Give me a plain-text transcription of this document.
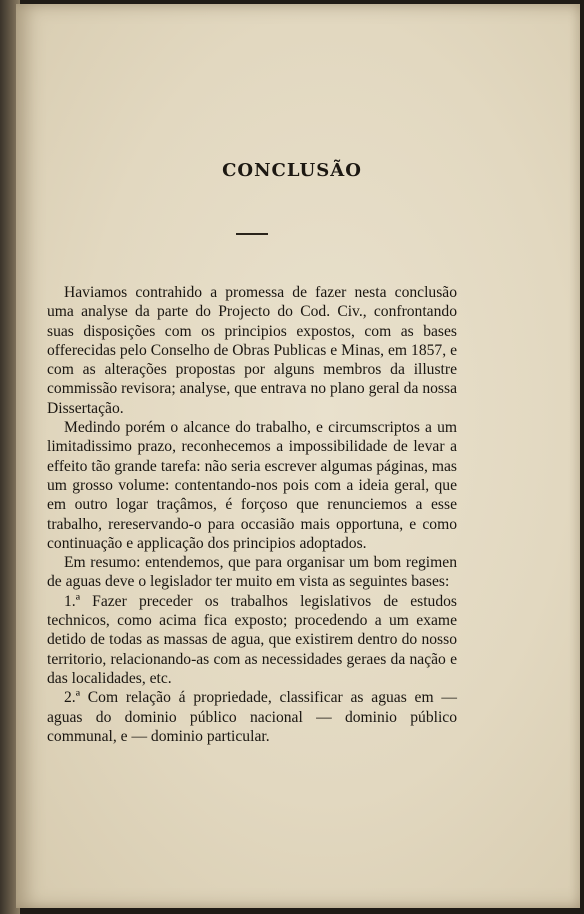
CONCLUSÃO

Haviamos contrahido a promessa de fazer nesta conclusão uma analyse da parte do Projecto do Cod. Civ., confrontando suas disposições com os principios expostos, com as bases offerecidas pelo Conselho de Obras Publicas e Minas, em 1857, e com as alterações propostas por alguns membros da illustre commissão revisora; analyse, que entrava no plano geral da nossa Dissertação.

Medindo porém o alcance do trabalho, e circumscriptos a um limitadissimo prazo, reconhecemos a impossibilidade de levar a effeito tão grande tarefa: não seria escrever algumas páginas, mas um grosso volume: contentando-nos pois com a ideia geral, que em outro logar traçâmos, é forçoso que renunciemos a esse trabalho, rereservando-o para occasião mais opportuna, e como continuação e applicação dos principios adoptados.

Em resumo: entendemos, que para organisar um bom regimen de aguas deve o legislador ter muito em vista as seguintes bases:

1.ª Fazer preceder os trabalhos legislativos de estudos technicos, como acima fica exposto; procedendo a um exame detido de todas as massas de agua, que existirem dentro do nosso territorio, relacionando-as com as necessidades geraes da nação e das localidades, etc.

2.ª Com relação á propriedade, classificar as aguas em — aguas do dominio público nacional — dominio público communal, e — dominio particular.
